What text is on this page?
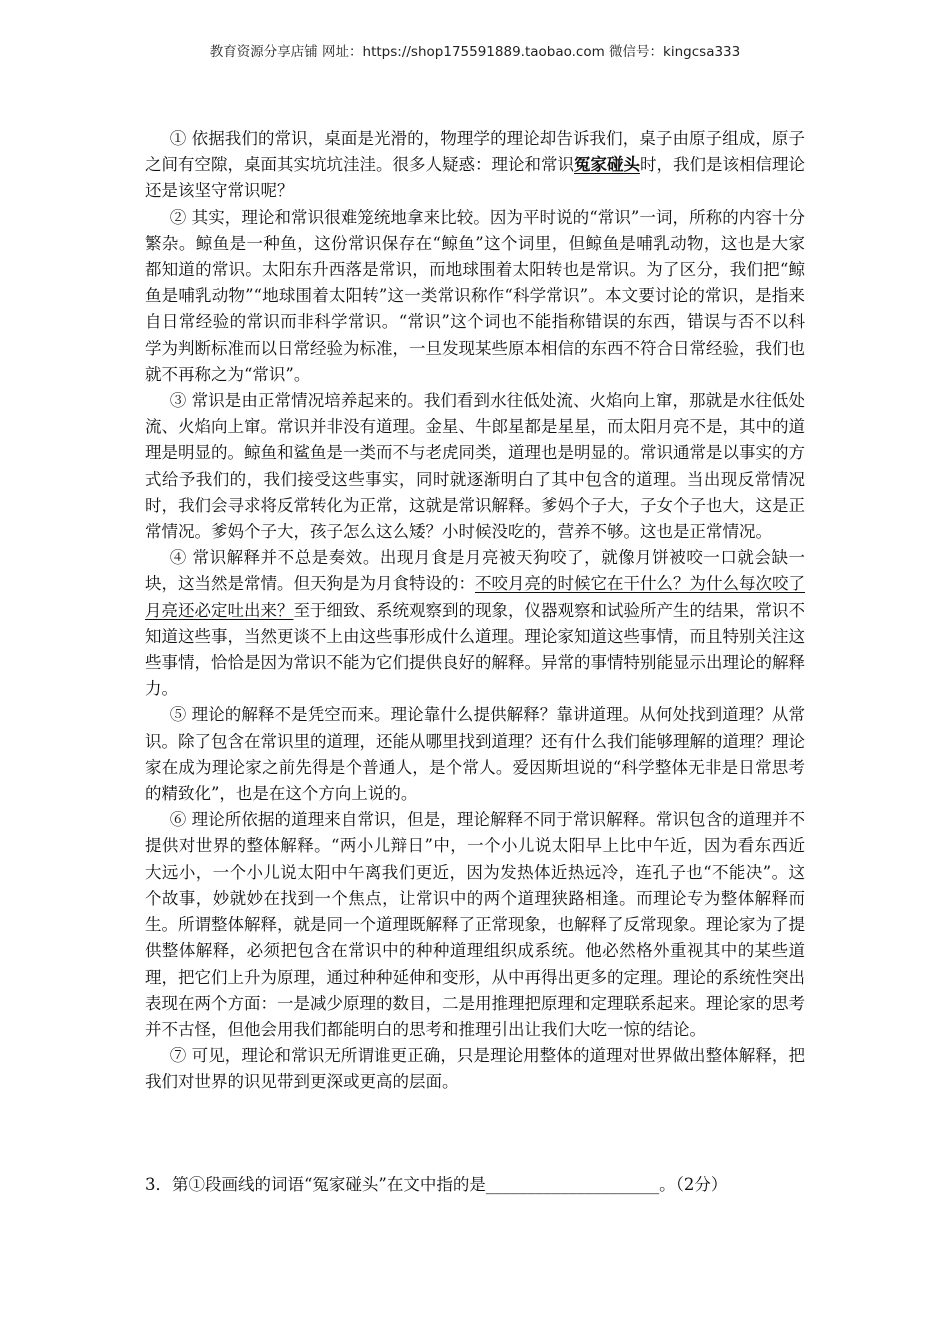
教育资源分享店铺 网址：https://shop175591889.taobao.com 微信号：kingcsa333

① 依据我们的常识，桌面是光滑的，物理学的理论却告诉我们，桌子由原子组成，原子之间有空隙，桌面其实坑坑洼洼。很多人疑惑：理论和常识冤家碰头时，我们是该相信理论还是该坚守常识呢？

② 其实，理论和常识很难笼统地拿来比较。因为平时说的“常识”一词，所称的内容十分繁杂。鲸鱼是一种鱼，这份常识保存在“鲸鱼”这个词里，但鲸鱼是哺乳动物，这也是大家都知道的常识。太阳东升西落是常识，而地球围着太阳转也是常识。为了区分，我们把“鲸鱼是哺乳动物”“地球围着太阳转”这一类常识称作“科学常识”。本文要讨论的常识，是指来自日常经验的常识而非科学常识。“常识”这个词也不能指称错误的东西，错误与否不以科学为判断标准而以日常经验为标准，一旦发现某些原本相信的东西不符合日常经验，我们也就不再称之为“常识”。

③ 常识是由正常情况培养起来的。我们看到水往低处流、火焰向上窜，那就是水往低处流、火焰向上窜。常识并非没有道理。金星、牛郎星都是星星，而太阳月亮不是，其中的道理是明显的。鲸鱼和鲨鱼是一类而不与老虎同类，道理也是明显的。常识通常是以事实的方式给予我们的，我们接受这些事实，同时就逐渐明白了其中包含的道理。当出现反常情况时，我们会寻求将反常转化为正常，这就是常识解释。爹妈个子大，子女个子也大，这是正常情况。爹妈个子大，孩子怎么这么矮？小时候没吃的，营养不够。这也是正常情况。

④ 常识解释并不总是奏效。出现月食是月亮被天狗咬了，就像月饼被咬一口就会缺一块，这当然是常情。但天狗是为月食特设的：不咬月亮的时候它在干什么？为什么每次咬了月亮还必定吐出来？至于细致、系统观察到的现象，仪器观察和试验所产生的结果，常识不知道这些事，当然更谈不上由这些事形成什么道理。理论家知道这些事情，而且特别关注这些事情，恰恰是因为常识不能为它们提供良好的解释。异常的事情特别能显示出理论的解释力。

⑤ 理论的解释不是凭空而来。理论靠什么提供解释？靠讲道理。从何处找到道理？从常识。除了包含在常识里的道理，还能从哪里找到道理？还有什么我们能够理解的道理？理论家在成为理论家之前先得是个普通人，是个常人。爱因斯坦说的“科学整体无非是日常思考的精致化”，也是在这个方向上说的。

⑥ 理论所依据的道理来自常识，但是，理论解释不同于常识解释。常识包含的道理并不提供对世界的整体解释。“两小儿辩日”中，一个小儿说太阳早上比中午近，因为看东西近大远小，一个小儿说太阳中午离我们更近，因为发热体近热远冷，连孔子也“不能决”。这个故事，妙就妙在找到一个焦点，让常识中的两个道理狭路相逢。而理论专为整体解释而生。所谓整体解释，就是同一个道理既解释了正常现象，也解释了反常现象。理论家为了提供整体解释，必须把包含在常识中的种种道理组织成系统。他必然格外重视其中的某些道理，把它们上升为原理，通过种种延伸和变形，从中再得出更多的定理。理论的系统性突出表现在两个方面：一是减少原理的数目，二是用推理把原理和定理联系起来。理论家的思考并不古怪，但他会用我们都能明白的思考和推理引出让我们大吃一惊的结论。

⑦ 可见，理论和常识无所谓谁更正确，只是理论用整体的道理对世界做出整体解释，把我们对世界的识见带到更深或更高的层面。

3．第①段画线的词语“冤家碰头”在文中指的是_____________________。（2分）
